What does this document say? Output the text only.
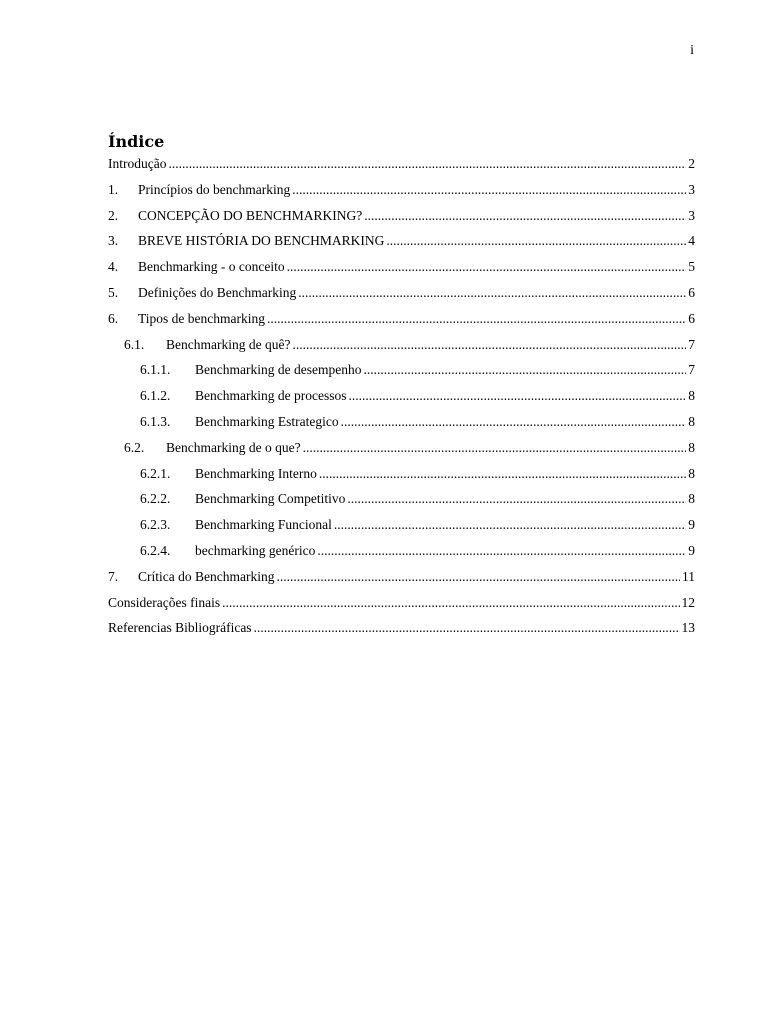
i
Índice
Introdução .....	2
1.	Princípios do benchmarking .....	3
2.	CONCEPÇÃO DO BENCHMARKING? .....	3
3.	BREVE HISTÓRIA DO BENCHMARKING .....	4
4.	Benchmarking - o conceito .....	5
5.	Definições do Benchmarking .....	6
6.	Tipos de benchmarking .....	6
6.1.	Benchmarking de quê? .....	7
6.1.1.	Benchmarking de desempenho .....	7
6.1.2.	Benchmarking de processos .....	8
6.1.3.	Benchmarking Estrategico .....	8
6.2.	Benchmarking de o que? .....	8
6.2.1.	Benchmarking Interno .....	8
6.2.2.	Benchmarking Competitivo .....	8
6.2.3.	Benchmarking Funcional .....	9
6.2.4.	bechmarking genérico .....	9
7.	Crítica do Benchmarking .....	11
Considerações finais .....	12
Referencias Bibliográficas .....	13
